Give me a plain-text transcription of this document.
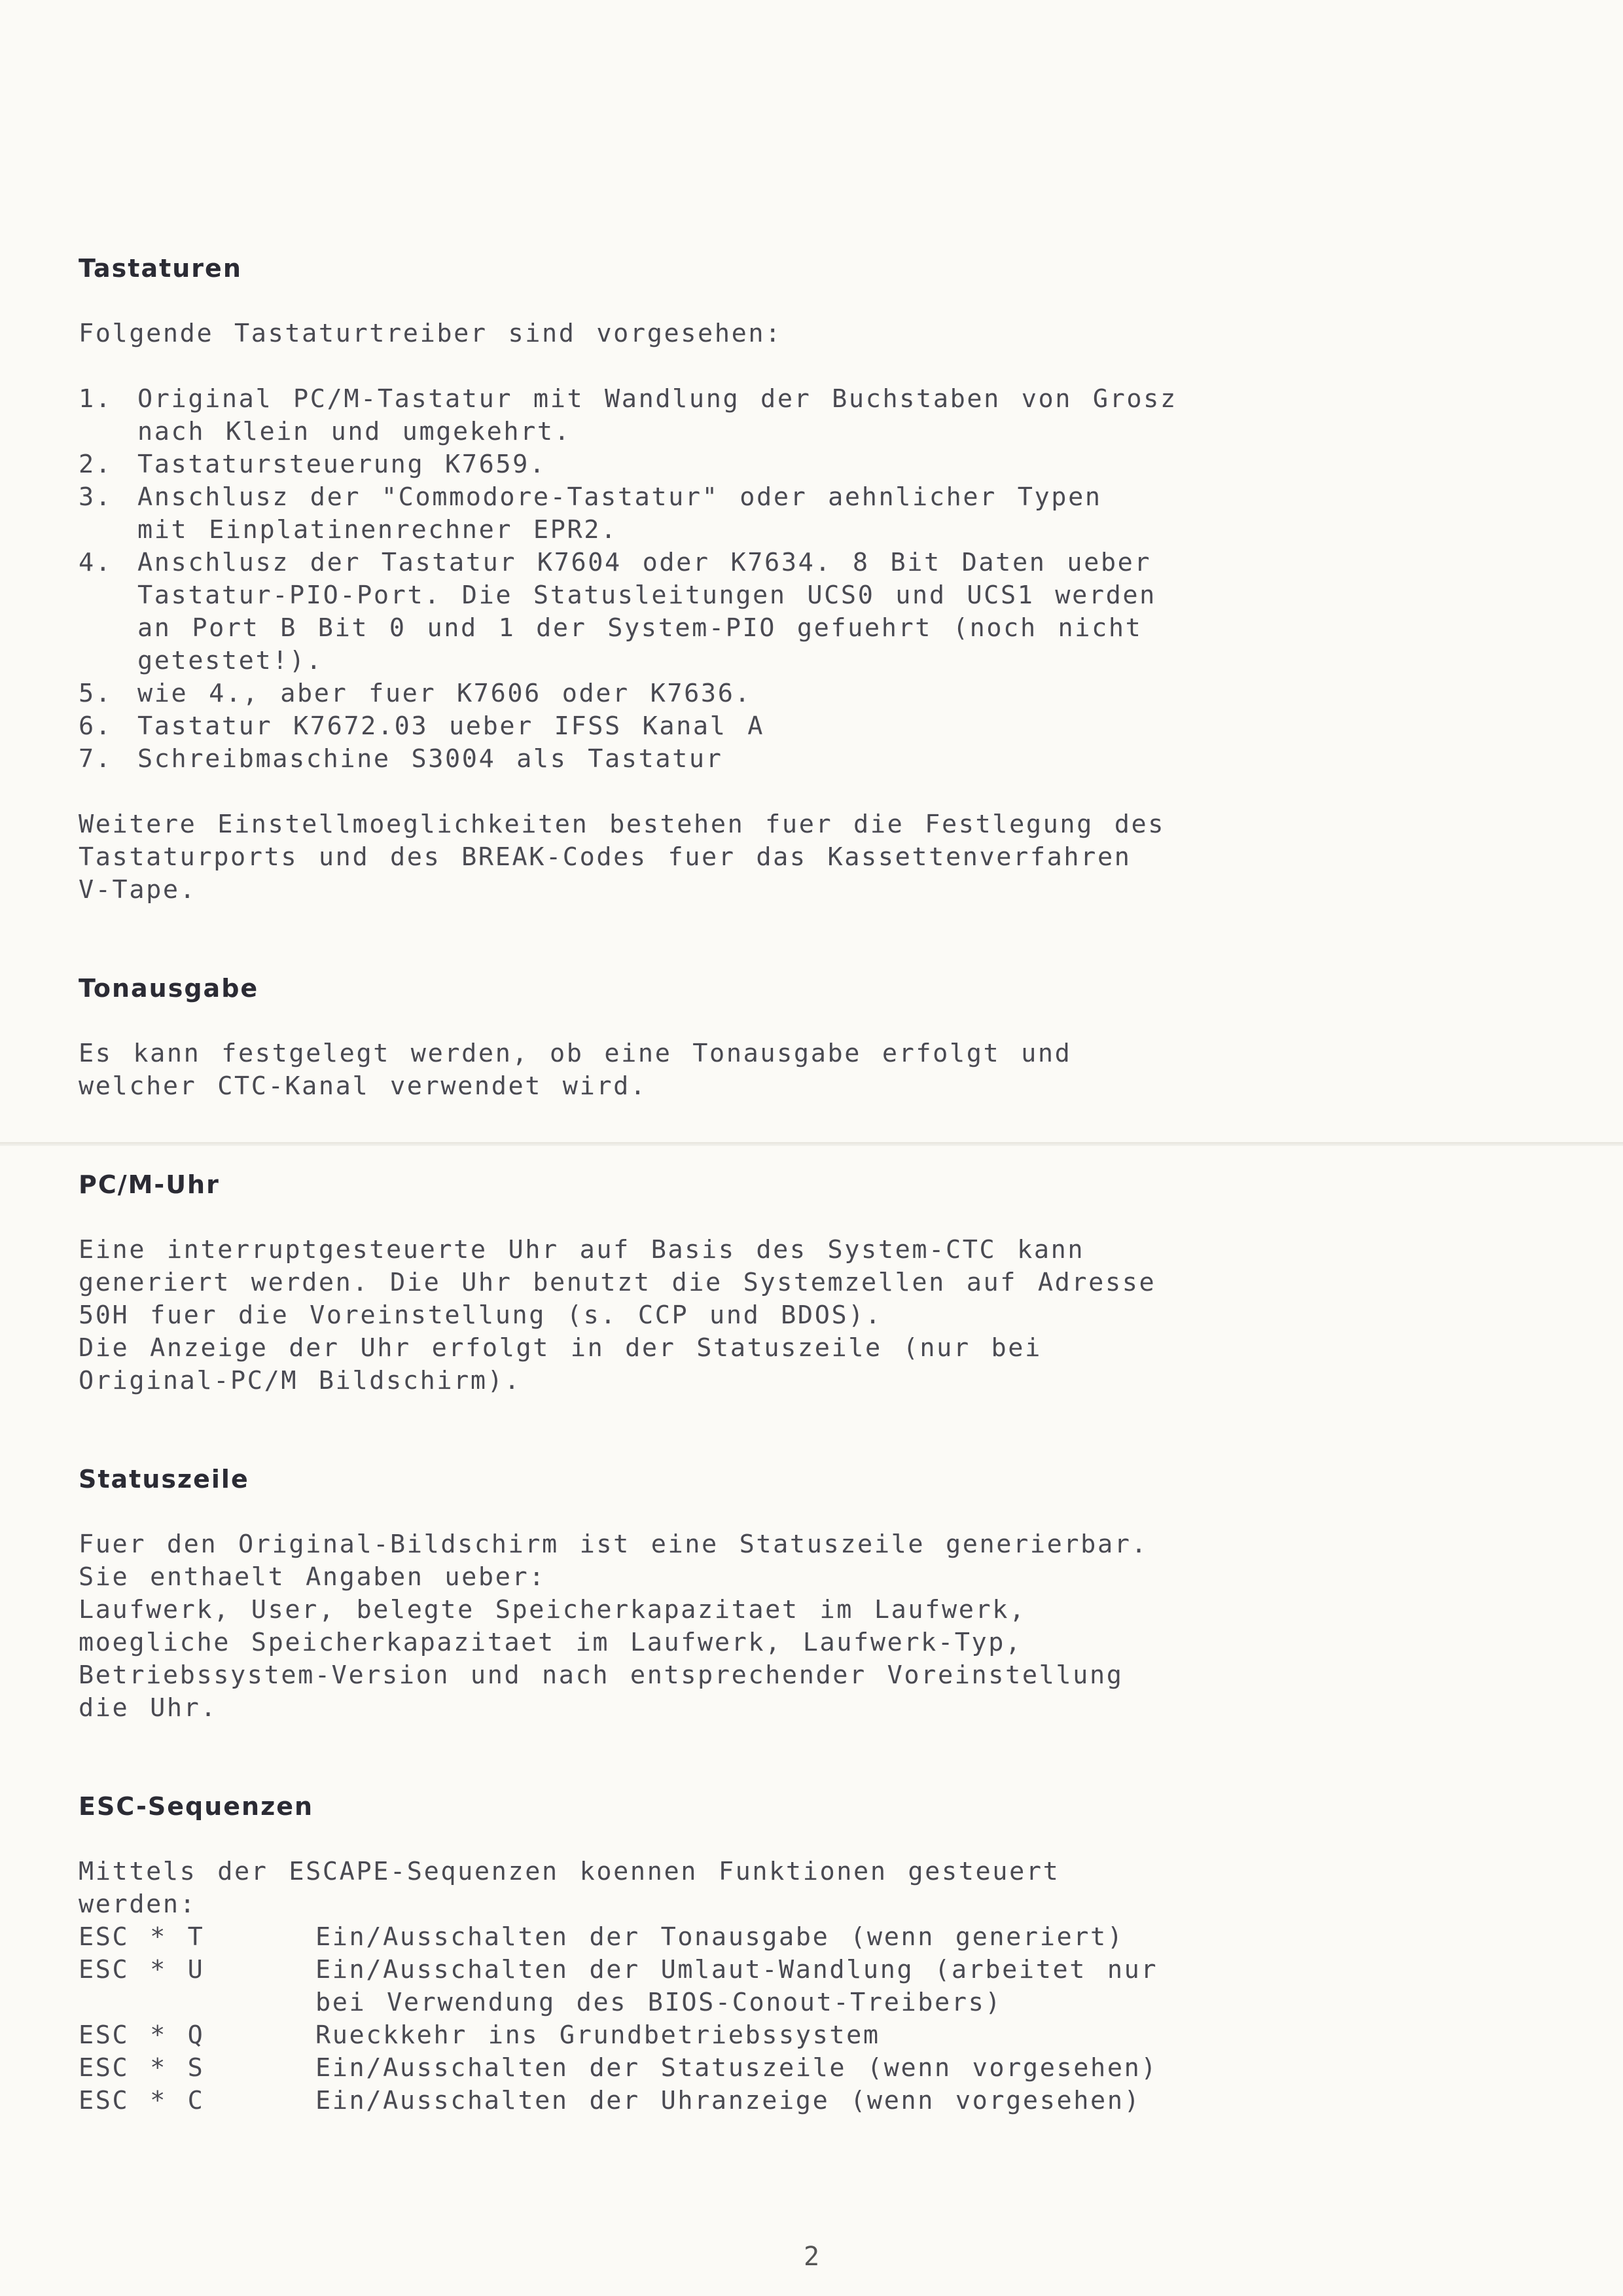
Tastaturen
Folgende Tastaturtreiber sind vorgesehen:
1. Original PC/M-Tastatur mit Wandlung der Buchstaben von Grosz
nach Klein und umgekehrt.
2. Tastatursteuerung K7659.
3. Anschlusz der "Commodore-Tastatur" oder aehnlicher Typen
mit Einplatinenrechner EPR2.
4. Anschlusz der Tastatur K7604 oder K7634. 8 Bit Daten ueber
Tastatur-PIO-Port. Die Statusleitungen UCS0 und UCS1 werden
an Port B Bit 0 und 1 der System-PIO gefuehrt (noch nicht
getestet!).
5. wie 4., aber fuer K7606 oder K7636.
6. Tastatur K7672.03 ueber IFSS Kanal A
7. Schreibmaschine S3004 als Tastatur
Weitere Einstellmoeglichkeiten bestehen fuer die Festlegung des
Tastaturports und des BREAK-Codes fuer das Kassettenverfahren
V-Tape.
Tonausgabe
Es kann festgelegt werden, ob eine Tonausgabe erfolgt und
welcher CTC-Kanal verwendet wird.
PC/M-Uhr
Eine interruptgesteuerte Uhr auf Basis des System-CTC kann
generiert werden. Die Uhr benutzt die Systemzellen auf Adresse
50H fuer die Voreinstellung (s. CCP und BDOS).
Die Anzeige der Uhr erfolgt in der Statuszeile (nur bei
Original-PC/M Bildschirm).
Statuszeile
Fuer den Original-Bildschirm ist eine Statuszeile generierbar.
Sie enthaelt Angaben ueber:
Laufwerk, User, belegte Speicherkapazitaet im Laufwerk,
moegliche Speicherkapazitaet im Laufwerk, Laufwerk-Typ,
Betriebssystem-Version und nach entsprechender Voreinstellung
die Uhr.
ESC-Sequenzen
Mittels der ESCAPE-Sequenzen koennen Funktionen gesteuert
werden:
ESC * T	Ein/Ausschalten der Tonausgabe (wenn generiert)
ESC * U	Ein/Ausschalten der Umlaut-Wandlung (arbeitet nur
bei Verwendung des BIOS-Conout-Treibers)
ESC * Q	Rueckkehr ins Grundbetriebssystem
ESC * S	Ein/Ausschalten der Statuszeile (wenn vorgesehen)
ESC * C	Ein/Ausschalten der Uhranzeige (wenn vorgesehen)
2
